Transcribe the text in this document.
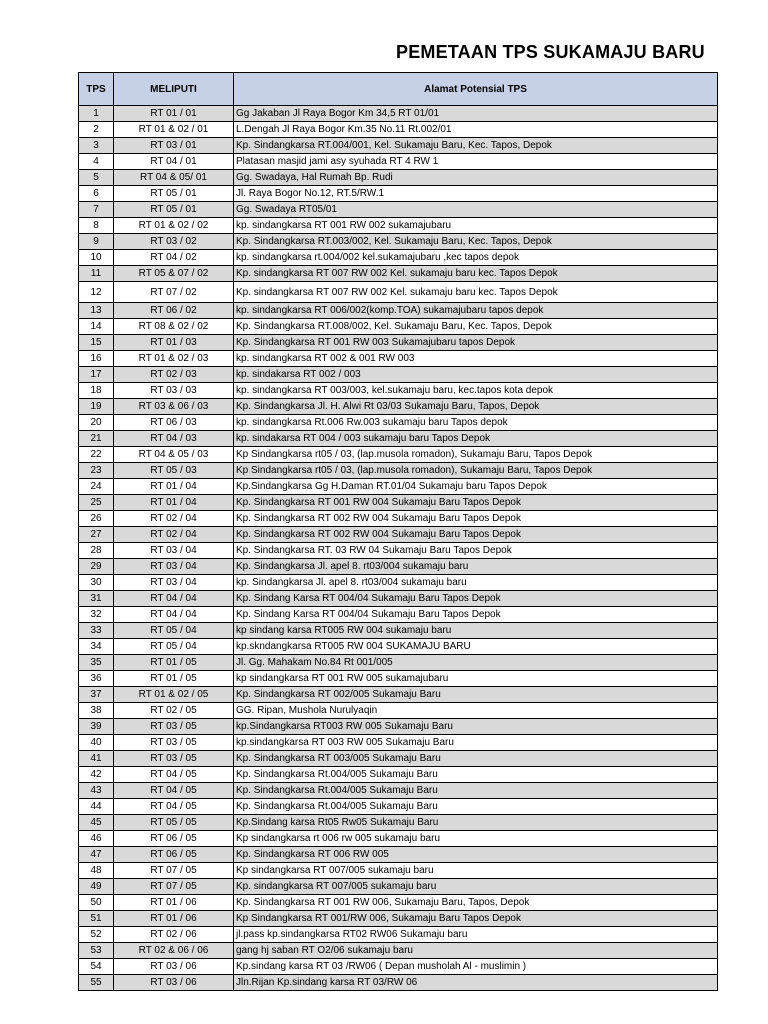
PEMETAAN TPS SUKAMAJU BARU
TPS	MELIPUTI	Alamat Potensial TPS
1	RT 01 / 01	Gg Jakaban Jl Raya Bogor Km 34,5 RT 01/01
2	RT 01 & 02 / 01	L.Dengah Jl Raya Bogor Km.35 No.11 Rt.002/01
3	RT 03 / 01	Kp. Sindangkarsa RT.004/001, Kel. Sukamaju Baru, Kec. Tapos, Depok
4	RT 04 / 01	Platasan masjid jami asy syuhada RT 4 RW 1
5	RT 04 & 05/ 01	Gg. Swadaya, Hal Rumah Bp. Rudi
6	RT 05 / 01	Jl. Raya Bogor No.12, RT.5/RW.1
7	RT 05 / 01	Gg. Swadaya RT05/01
8	RT 01 & 02 / 02	kp. sindangkarsa RT 001 RW 002 sukamajubaru
9	RT 03 / 02	Kp. Sindangkarsa RT.003/002, Kel. Sukamaju Baru, Kec. Tapos, Depok
10	RT 04 / 02	kp. sindangkarsa rt.004/002 kel.sukamajubaru ,kec tapos depok
11	RT 05 & 07 / 02	Kp. sindangkarsa RT 007 RW 002 Kel. sukamaju baru kec. Tapos Depok
12	RT 07 / 02	Kp. sindangkarsa RT 007 RW 002 Kel. sukamaju baru kec. Tapos Depok
13	RT 06 / 02	kp. sindangkarsa RT 006/002(komp.TOA) sukamajubaru tapos depok
14	RT 08 & 02 / 02	Kp. Sindangkarsa RT.008/002, Kel. Sukamaju Baru, Kec. Tapos, Depok
15	RT 01 / 03	Kp. Sindangkarsa RT 001 RW 003 Sukamajubaru tapos Depok
16	RT 01 & 02 / 03	kp. sindangkarsa RT 002 & 001 RW 003
17	RT 02 / 03	kp. sindakarsa RT 002 / 003
18	RT 03 / 03	kp. sindangkarsa RT 003/003, kel.sukamaju baru, kec.tapos kota depok
19	RT 03 & 06 / 03	Kp. Sindangkarsa Jl. H. Alwi Rt 03/03 Sukamaju Baru, Tapos, Depok
20	RT 06 / 03	kp. sindangkarsa Rt.006 Rw.003 sukamaju baru Tapos depok
21	RT 04 / 03	kp. sindakarsa RT 004 / 003 sukamaju baru Tapos Depok
22	RT 04 & 05 / 03	Kp Sindangkarsa rt05 / 03, (lap.musola romadon), Sukamaju Baru, Tapos Depok
23	RT 05 / 03	Kp Sindangkarsa rt05 / 03, (lap.musola romadon), Sukamaju Baru, Tapos Depok
24	RT 01 / 04	Kp.Sindangkarsa Gg H.Daman RT.01/04 Sukamaju baru Tapos Depok
25	RT 01 / 04	Kp. Sindangkarsa RT 001 RW 004 Sukamaju Baru Tapos Depok
26	RT 02 / 04	Kp. Sindangkarsa RT 002 RW 004 Sukamaju Baru Tapos Depok
27	RT 02 / 04	Kp. Sindangkarsa RT 002 RW 004 Sukamaju Baru Tapos Depok
28	RT 03 / 04	Kp. Sindangkarsa RT. 03 RW 04 Sukamaju Baru Tapos Depok
29	RT 03 / 04	Kp. Sindangkarsa Jl. apel 8. rt03/004 sukamaju baru
30	RT 03 / 04	kp. Sindangkarsa Jl. apel 8. rt03/004 sukamaju baru
31	RT 04 / 04	Kp. Sindang Karsa RT 004/04 Sukamaju Baru Tapos Depok
32	RT 04 / 04	Kp. Sindang Karsa RT 004/04 Sukamaju Baru Tapos Depok
33	RT 05 / 04	kp sindang karsa RT005 RW 004 sukamaju baru
34	RT 05 / 04	kp.skndangkarsa RT005 RW 004 SUKAMAJU BARU
35	RT 01 / 05	Jl. Gg. Mahakam No.84 Rt 001/005
36	RT 01 / 05	kp sindangkarsa RT 001 RW 005 sukamajubaru
37	RT 01 & 02 / 05	Kp. Sindangkarsa RT 002/005 Sukamaju Baru
38	RT 02 / 05	GG. Ripan, Mushola Nurulyaqin
39	RT 03 / 05	kp.Sindangkarsa RT003 RW 005 Sukamaju Baru
40	RT 03 / 05	kp.sindangkarsa RT 003 RW 005 Sukamaju Baru
41	RT 03 / 05	Kp. Sindangkarsa RT 003/005 Sukamaju Baru
42	RT 04 / 05	Kp. Sindangkarsa Rt.004/005 Sukamaju Baru
43	RT 04 / 05	Kp. Sindangkarsa Rt.004/005 Sukamaju Baru
44	RT 04 / 05	Kp. Sindangkarsa Rt.004/005 Sukamaju Baru
45	RT 05 / 05	Kp.Sindang karsa Rt05 Rw05 Sukamaju Baru
46	RT 06 / 05	Kp sindangkarsa rt 006 rw 005 sukamaju baru
47	RT 06 / 05	Kp. Sindangkarsa RT 006 RW 005
48	RT 07 / 05	Kp sindangkarsa RT 007/005 sukamaju baru
49	RT 07 / 05	Kp. sindangkarsa RT 007/005 sukamaju baru
50	RT 01 / 06	Kp. Sindangkarsa RT 001 RW 006, Sukamaju Baru, Tapos, Depok
51	RT 01 / 06	Kp Sindangkarsa RT 001/RW 006, Sukamaju Baru Tapos Depok
52	RT 02 / 06	jl.pass kp.sindangkarsa RT02 RW06 Sukamaju baru
53	RT 02 & 06 / 06	gang hj saban RT O2/06 sukamaju baru
54	RT 03 / 06	Kp.sindang karsa RT 03 /RW06 ( Depan musholah Al - muslimin )
55	RT 03 / 06	Jln.Rijan Kp.sindang karsa RT 03/RW 06
